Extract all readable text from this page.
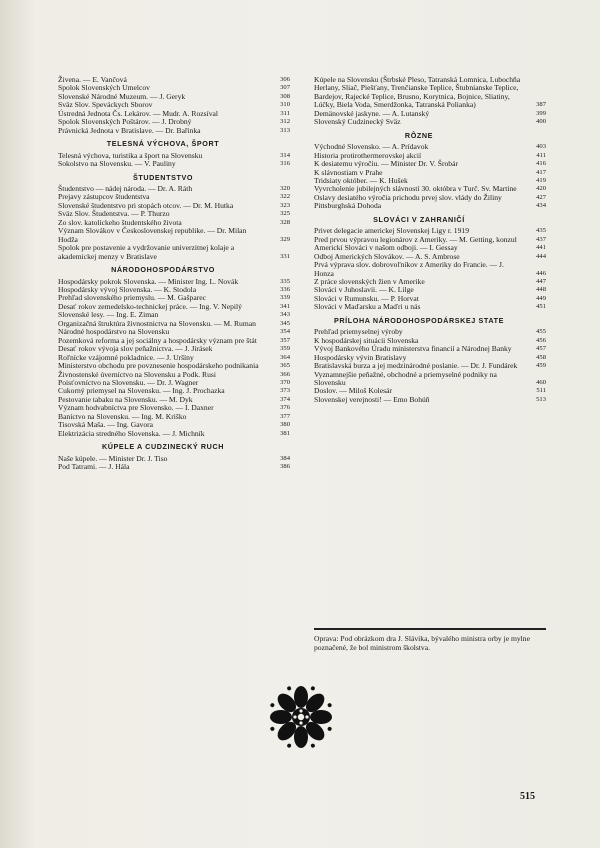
Živena. — E. Vančová	306
Spolok Slovenských Umelcov	307
Slovenské Národné Muzeum. — J. Geryk	308
Sväz Slov. Speváckych Sborov	310
Ústredná Jednota Čs. Lekárov. — Mudr. A. Rozsíval	311
Spolok Slovenských Poštárov. — J. Drobný	312
Právnická Jednota v Bratislave. — Dr. Bařinka	313
TELESNÁ VÝCHOVA, ŠPORT
Telesná výchova, turistika a šport na Slovensku	314
Sokolstvo na Slovensku. — V. Pauliny	316
ŠTUDENTSTVO
Študentstvo — nádej národa. — Dr. A. Ráth	320
Prejavy zástupcov študentstva	322
Slovenské študentstvo pri stopách otcov. — Dr. M. Hutka	323
Sväz Slov. Študentstva. — P. Thurzo	325
Zo slov. katolíckeho študentského života	328
Význam Slovákov v Československej republike. — Dr. Milan Hodža	329
Spolok pre postavenie a vydržovanie univerzitnej kolaje a akademickej menzy v Bratislave	331
NÁRODOHOSPODÁRSTVO
Hospodársky pokrok Slovenska. — Minister Ing. L. Novák	335
Hospodársky vývoj Slovenska. — K. Stodola	336
Prehľad slovenského priemyslu. — M. Gašparec	339
Desať rokov zemedelsko-technickej práce. — Ing. V. Nepilý	341
Slovenské lesy. — Ing. E. Ziman	343
Organizačná štruktúra živnostnictva na Slovensku. — M. Ruman	345
Národné hospodárstvo na Slovensku	354
Pozemková reforma a jej sociálny a hospodársky význam pre štát	357
Desať rokov vývoja slov peňažnictva. — J. Jirásek	359
Roľnícke vzájomné pokladnice. — J. Uršíny	364
Ministerstvo obchodu pre povznesenie hospodárskeho podnikania	365
Živnostenské úverníctvo na Slovensku a Podk. Rusi	366
Poisťovníctvo na Slovensku. — Dr. J. Wagner	370
Cukorný priemysel na Slovensku. — Ing. J. Prochazka	373
Pestovanie tabaku na Slovensku. — M. Dyk	374
Význam hodvabníctva pre Slovensko. — I. Daxner	376
Baníctvo na Slovensku. — Ing. M. Kriško	377
Tisovská Maša. — Ing. Gavora	380
Elektrizácia stredného Slovenska. — J. Michník	381
KÚPELE A CUDZINECKÝ RUCH
Naše kúpele. — Minister Dr. J. Tiso	384
Pod Tatrami. — J. Hála	386
Kúpele na Slovensku (Štrbské Pleso, Tatranská Lomnica, Lubochňa Herlany, Sliač, Piešťany, Trenčianske Teplice, Štubnianske Teplice, Bardejov, Rajecké Teplice, Brusno, Korytnica, Bojnice, Sliatiny, Lúčky, Biela Voda, Smerdžonka, Tatranská Polianka)	387
Demänovské jaskyne. — A. Lutanský	399
Slovenský Cudzinecký Sväz	400
RÔZNE
Východné Slovensko. — A. Prídavok	403
Historia protirothermerovskej akcií	411
K desiatemu výročiu. — Minister Dr. V. Šrobár	416
K slávnostiam v Prahe	417
Tridsiaty október. — K. Hušek	419
Vyvrcholenie jubilejných slávností 30. októbra v Turč. Sv. Martine	420
Oslavy desiatého výročia prichodu prvej slov. vlády do Žiliny	427
Pittsburghská Dohoda	434
SLOVÁCI V ZAHRANIČÍ
Privet delegacie americkej Slovenskej Ligy r. 1919	435
Pred prvou výpravou legionárov z Ameriky. — M. Getting, konzul	437
Americkí Slováci v našom odboji. — I. Gessay	441
Odboj Amerických Slovákov. — A. S. Ambrose	444
Prvá výprava slov. dobrovoľníkov z Ameriky do Francie. — J. Honza	446
Z práce slovenských žien v Amerike	447
Slováci v Juhoslavii. — K. Lilge	448
Slováci v Rumunsku. — P. Horvat	449
Slováci v Maďarsku a Maďri u nás	451
PRÍLOHA NÁRODOHOSPODÁRSKEJ STATE
Prehľad priemyselnej výroby	455
K hospodárskej situácii Slovenska	456
Vývoj Bankového Úradu ministerstva financií a Národnej Banky	457
Hospodársky vývin Bratislavy	458
Bratislavská burza a jej medzinárodné poslanie. — Dr. J. Fundárek	459
Vyznamnejšie peňažné, obchodné a priemyselné podniky na Slovensku	460
Doslov. — Miloš Kolesár	511
Slovenskej verejnosti! — Emo Bohúň	513
Oprava: Pod obrázkom dra J. Slávika, bývalého ministra orby je mylne poznačené, že bol ministrom školstva.
515
